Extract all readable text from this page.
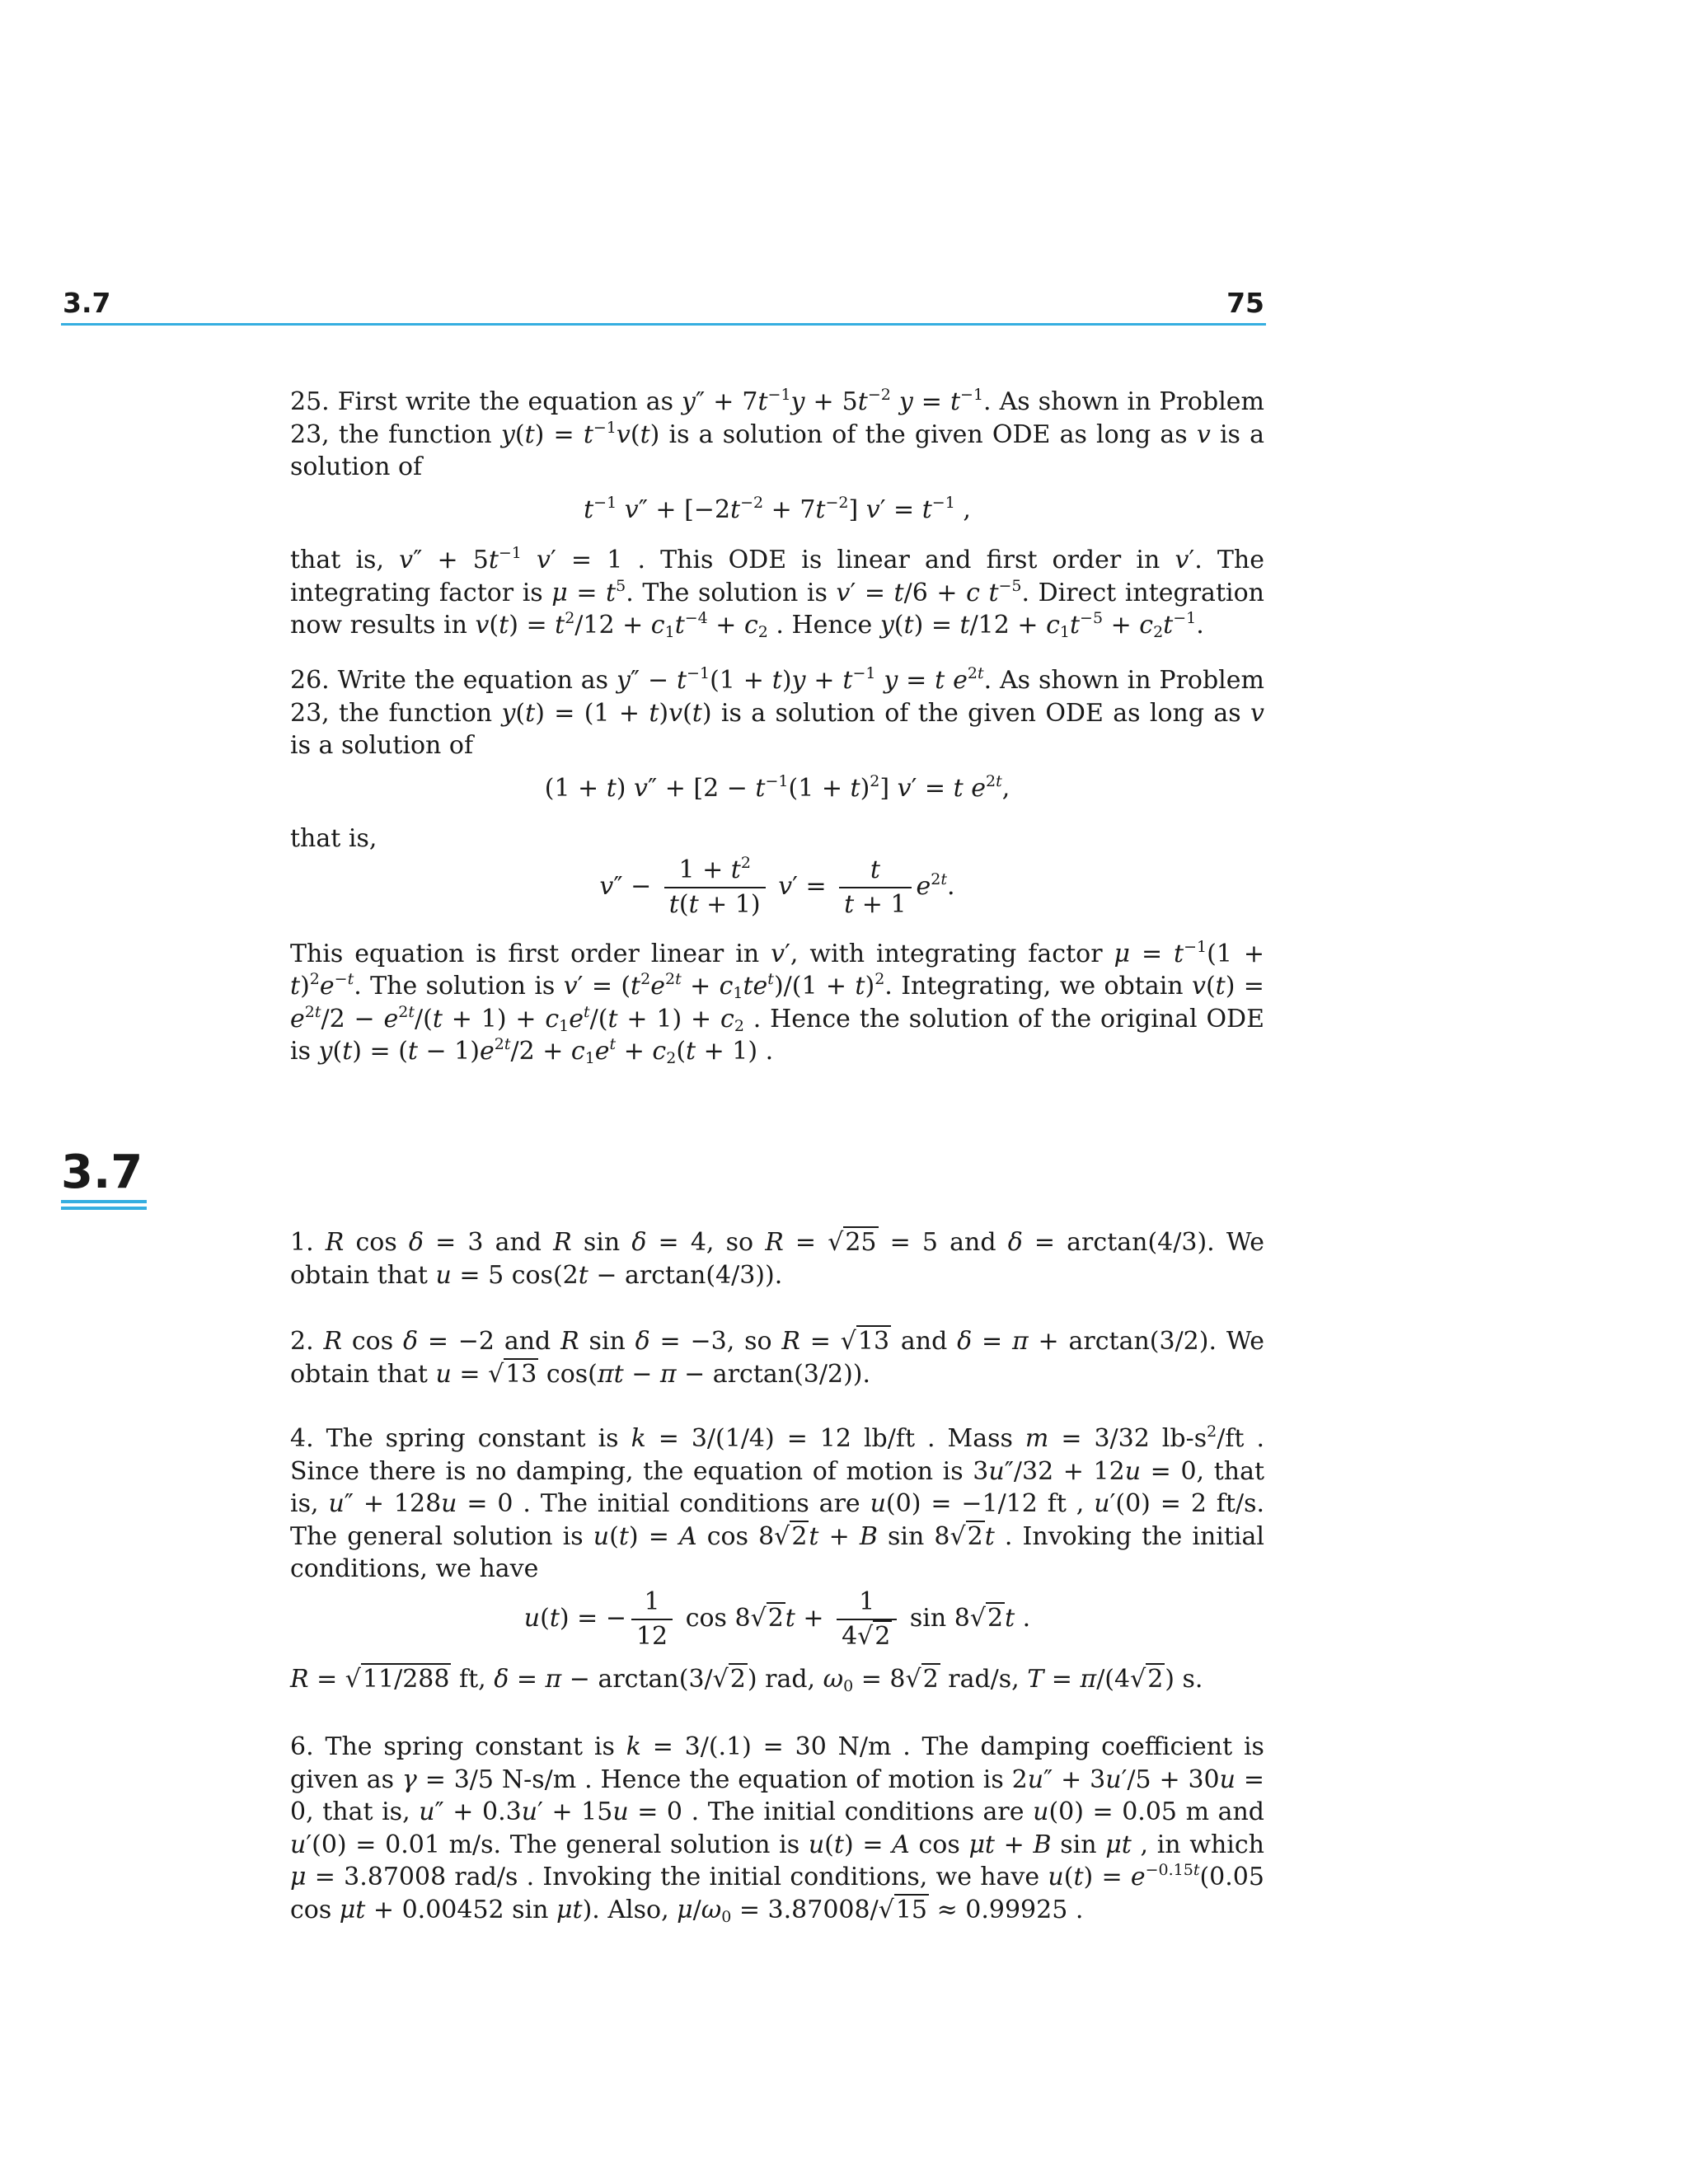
3.7	75

25. First write the equation as $y'' + 7t^{-1}y + 5t^{-2}$ $y = t^{-1}$. As shown in Problem 23, the function $y(t) = t^{-1}v(t)$ is a solution of the given ODE as long as v is a solution of

$t^{-1}$ $v'' + [-2t^{-2} + 7t^{-2}] v' = t^{-1}$ ,

that is, $v'' + 5t^{-1}$ v′ = 1 . This ODE is linear and first order in v′. The integrating factor is $\mu = t^5$. The solution is v′ = t/6 + c $t^{-5}$. Direct integration now results in $v(t) = t^2/12 + c_1t^{-4} + c_2$ . Hence $y(t) = t/12 + c_1t^{-5} + c_2t^{-1}$.

26. Write the equation as $y'' - t^{-1}(1 + t)y + t^{-1}$ y = t $e^{2t}$. As shown in Problem 23, the function y(t) = (1 + t)v(t) is a solution of the given ODE as long as v is a solution of

(1 + t) $v'' + [2 - t^{-1}(1 + t)^2]$ v′ = t $e^{2t}$,

that is,

$v'' - \frac{1 + t^2}{t(t + 1)} v' = \frac{t}{t + 1} e^{2t}$.

This equation is first order linear in v′, with integrating factor $\mu = t^{-1}(1 + t)^2e^{-t}$. The solution is $v' = (t^2e^{2t} + c_1te^t)/(1 + t)^2$. Integrating, we obtain $v(t) = e^{2t}/2 - e^{2t}/(t + 1) + c_1e^t/(t + 1) + c_2$ . Hence the solution of the original ODE is $y(t) = (t - 1)e^{2t}/2 + c_1e^t + c_2(t + 1)$ .

3.7

1. R cos δ = 3 and R sin δ = 4, so R = √25 = 5 and δ = arctan(4/3). We obtain that u = 5 cos(2t − arctan(4/3)).

2. R cos δ = −2 and R sin δ = −3, so R = √13 and δ = π + arctan(3/2). We obtain that u = √13 cos(πt − π − arctan(3/2)).

4. The spring constant is k = 3/(1/4) = 12 lb/ft . Mass m = 3/32 $lb-s^2/ft$ . Since there is no damping, the equation of motion is 3u″/32 + 12u = 0, that is, u″ + 128u = 0 . The initial conditions are u(0) = −1/12 ft , u′(0) = 2 ft/s. The general solution is u(t) = A cos 8√2t + B sin 8√2t . Invoking the initial conditions, we have

u(t) = − $\frac{1}{12}$ $\cos 8√2t + \frac{1}{4√2}$ sin 8√2t .

R = √11/288 ft, δ = π − arctan(3/√2) rad, $\omega_0 = 8√2$ rad/s, T = π/(4√2) s.

6. The spring constant is k = 3/(.1) = 30 N/m . The damping coefficient is given as γ = 3/5 N-s/m . Hence the equation of motion is 2u″ + 3u′/5 + 30u = 0, that is, u″ + 0.3u′ + 15u = 0 . The initial conditions are u(0) = 0.05 m and u′(0) = 0.01 m/s. The general solution is u(t) = A cos μt + B sin μt , in which μ = 3.87008 rad/s . Invoking the initial conditions, we have $u(t) = e^{-0.15t}(0.05$ cos μt + 0.00452 sin μt). Also, $\mu/\omega_0 = 3.87008/√15 \approx 0.99925$ .
